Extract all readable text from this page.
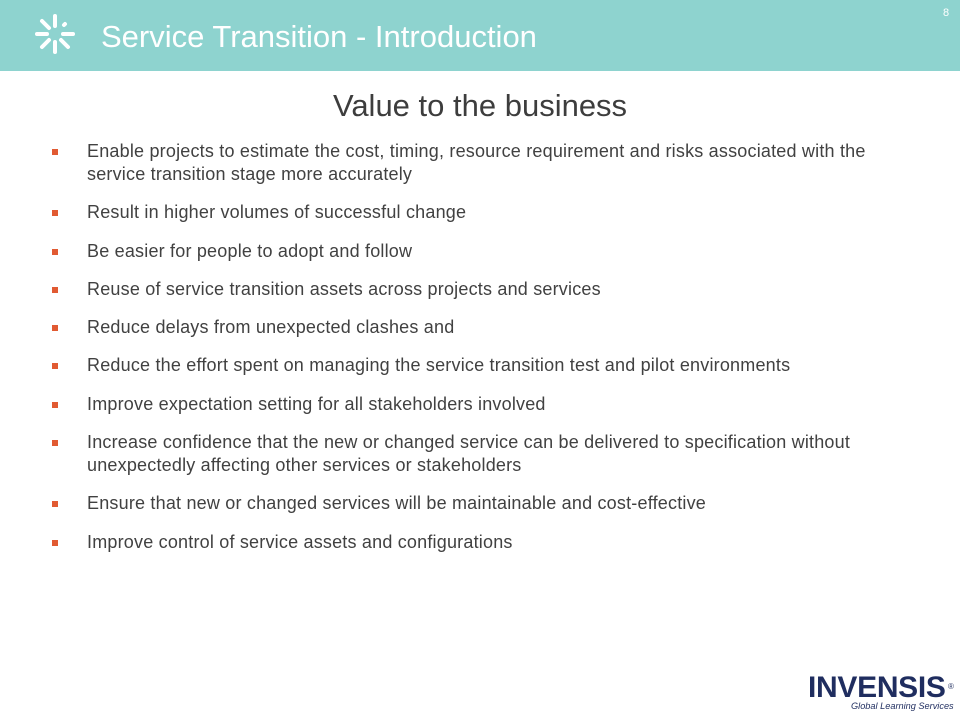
Service Transition - Introduction
8
Value to the business
Enable projects to estimate the cost, timing, resource requirement and risks associated with the service transition stage more accurately
Result in higher volumes of successful change
Be easier for people to adopt and follow
Reuse of service transition assets across projects and services
Reduce delays from unexpected clashes and
Reduce the effort spent on managing the service transition test and pilot environments
Improve expectation setting for all stakeholders involved
Increase confidence that the new or changed service can be delivered to specification without unexpectedly affecting other services or stakeholders
Ensure that new or changed services will be maintainable and cost-effective
Improve control of service assets and configurations
INVENSIS ®
Global Learning Services
